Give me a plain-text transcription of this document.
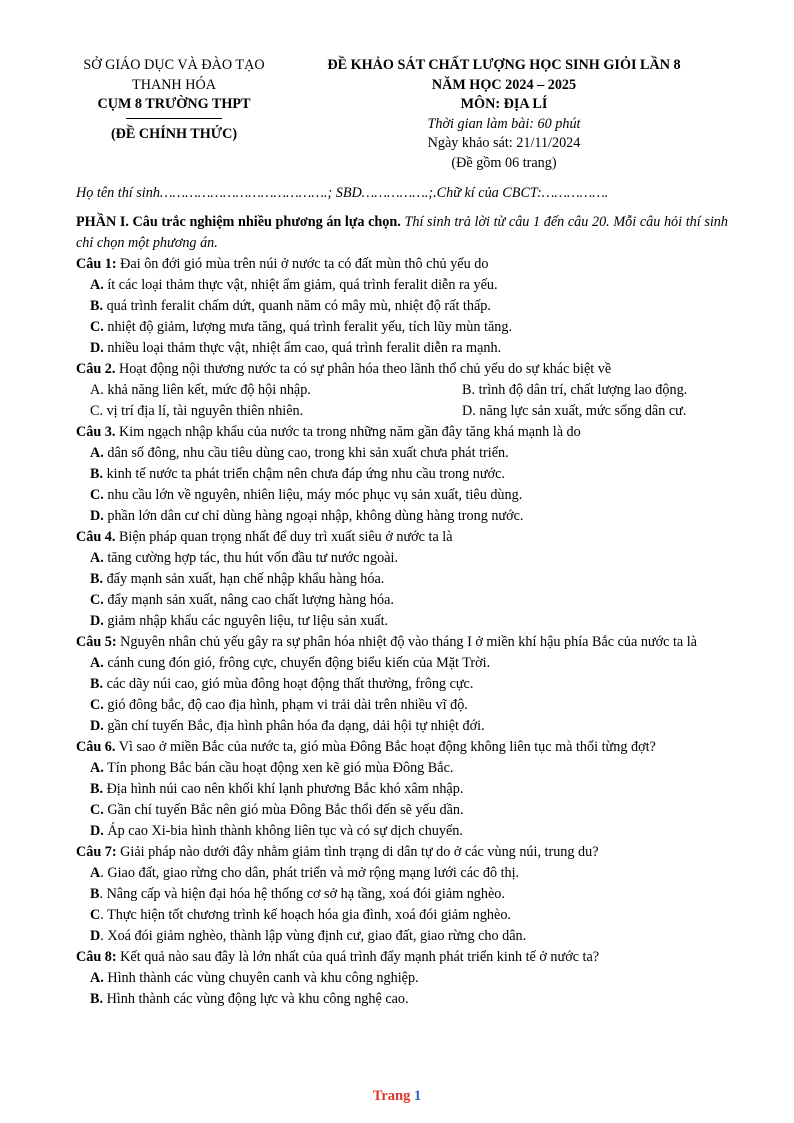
SỞ GIÁO DỤC VÀ ĐÀO TẠO
THANH HÓA
CỤM 8 TRƯỜNG THPT
(ĐỀ CHÍNH THỨC)
ĐỀ KHẢO SÁT CHẤT LƯỢNG HỌC SINH GIỎI LẦN 8
NĂM HỌC 2024 – 2025
MÔN: ĐỊA LÍ
Thời gian làm bài: 60 phút
Ngày khảo sát: 21/11/2024
(Đề gồm 06 trang)
Họ tên thí sinh………………………………….; SBD…………….;.Chữ kí của CBCT:…………….

PHẦN I. Câu trắc nghiệm nhiều phương án lựa chọn. Thí sinh trả lời từ câu 1 đến câu 20. Mỗi câu hỏi thí sinh chỉ chọn một phương án.

Câu 1: Đai ôn đới gió mùa trên núi ở nước ta có đất mùn thô chủ yếu do
A. ít các loại thảm thực vật, nhiệt ẩm giảm, quá trình feralit diễn ra yếu.
B. quá trình feralit chấm dứt, quanh năm có mây mù, nhiệt độ rất thấp.
C. nhiệt độ giảm, lượng mưa tăng, quá trình feralit yếu, tích lũy mùn tăng.
D. nhiều loại thảm thực vật, nhiệt ẩm cao, quá trình feralit diễn ra mạnh.
Câu 2. Hoạt động nội thương nước ta có sự phân hóa theo lãnh thổ chủ yếu do sự khác biệt về
A. khả năng liên kết, mức độ hội nhập.	B. trình độ dân trí, chất lượng lao động.
C. vị trí địa lí, tài nguyên thiên nhiên.	D. năng lực sản xuất, mức sống dân cư.
Câu 3. Kim ngạch nhập khẩu của nước ta trong những năm gần đây tăng khá mạnh là do
A. dân số đông, nhu cầu tiêu dùng cao, trong khi sản xuất chưa phát triển.
B. kinh tế nước ta phát triển chậm nên chưa đáp ứng nhu cầu trong nước.
C. nhu cầu lớn về nguyên, nhiên liệu, máy móc phục vụ sản xuất, tiêu dùng.
D. phần lớn dân cư chỉ dùng hàng ngoại nhập, không dùng hàng trong nước.
Câu 4. Biện pháp quan trọng nhất để duy trì xuất siêu ở nước ta là
A. tăng cường hợp tác, thu hút vốn đầu tư nước ngoài.
B. đẩy mạnh sản xuất, hạn chế nhập khẩu hàng hóa.
C. đẩy mạnh sản xuất, nâng cao chất lượng hàng hóa.
D. giảm nhập khẩu các nguyên liệu, tư liệu sản xuất.
Câu 5: Nguyên nhân chủ yếu gây ra sự phân hóa nhiệt độ vào tháng I ở miền khí hậu phía Bắc của nước ta là
A. cánh cung đón gió, frông cực, chuyển động biểu kiến của Mặt Trời.
B. các dãy núi cao, gió mùa đông hoạt động thất thường, frông cực.
C. gió đông bắc, độ cao địa hình, phạm vi trải dài trên nhiều vĩ độ.
D. gần chí tuyến Bắc, địa hình phân hóa đa dạng, dải hội tự nhiệt đới.
Câu 6. Vì sao ở miền Bắc của nước ta, gió mùa Đông Bắc hoạt động không liên tục mà thổi từng đợt?
A. Tín phong Bắc bán cầu hoạt động xen kẽ gió mùa Đông Bắc.
B. Địa hình núi cao nên khối khí lạnh phương Bắc khó xâm nhập.
C. Gần chí tuyến Bắc nên gió mùa Đông Bắc thổi đến sẽ yếu dần.
D. Áp cao Xi-bia hình thành không liên tục và có sự dịch chuyển.
Câu 7: Giải pháp nào dưới đây nhằm giảm tình trạng di dân tự do ở các vùng núi, trung du?
A. Giao đất, giao rừng cho dân, phát triển và mở rộng mạng lưới các đô thị.
B. Nâng cấp và hiện đại hóa hệ thống cơ sở hạ tầng, xoá đói giảm nghèo.
C. Thực hiện tốt chương trình kế hoạch hóa gia đình, xoá đói giảm nghèo.
D. Xoá đói giảm nghèo, thành lập vùng định cư, giao đất, giao rừng cho dân.
Câu 8: Kết quả nào sau đây là lớn nhất của quá trình đẩy mạnh phát triển kinh tế ở nước ta?
A. Hình thành các vùng chuyên canh và khu công nghiệp.
B. Hình thành các vùng động lực và khu công nghệ cao.
Trang 1
